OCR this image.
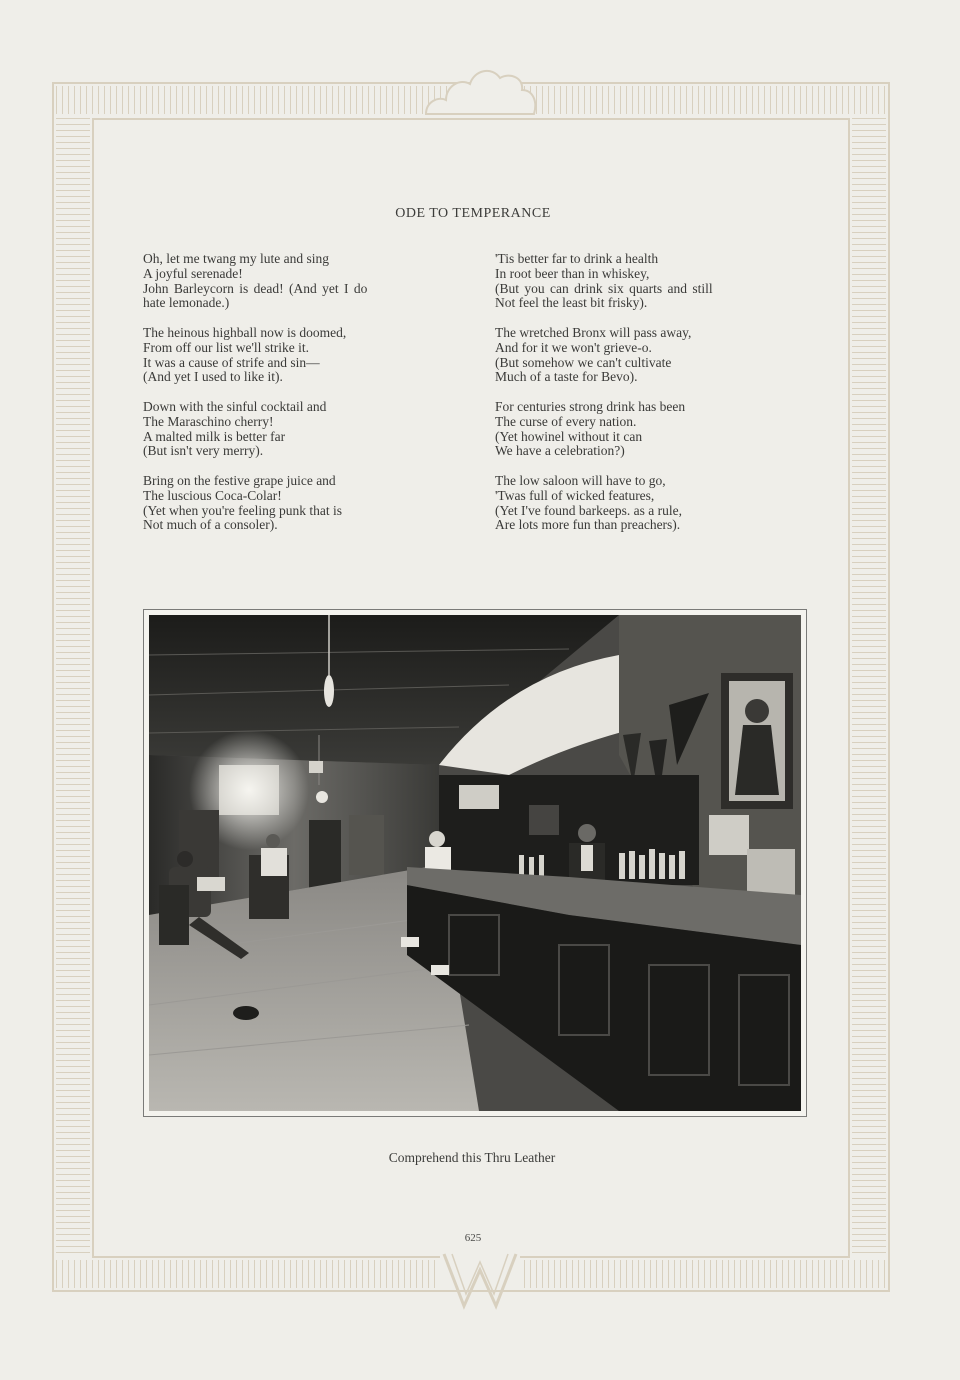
ODE TO TEMPERANCE
Oh, let me twang my lute and sing
A joyful serenade!
John Barleycorn is dead! (And yet I do
hate lemonade.)
The heinous highball now is doomed,
From off our list we'll strike it.
It was a cause of strife and sin—
(And yet I used to like it).
Down with the sinful cocktail and
The Maraschino cherry!
A malted milk is better far
(But isn't very merry).
Bring on the festive grape juice and
The luscious Coca-Colar!
(Yet when you're feeling punk that is
Not much of a consoler).
'Tis better far to drink a health
In root beer than in whiskey,
(But you can drink six quarts and still
Not feel the least bit frisky).
The wretched Bronx will pass away,
And for it we won't grieve-o.
(But somehow we can't cultivate
Much of a taste for Bevo).
For centuries strong drink has been
The curse of every nation.
(Yet howinel without it can
We have a celebration?)
The low saloon will have to go,
'Twas full of wicked features,
(Yet I've found barkeeps. as a rule,
Are lots more fun than preachers).
Comprehend this Thru Leather
625
